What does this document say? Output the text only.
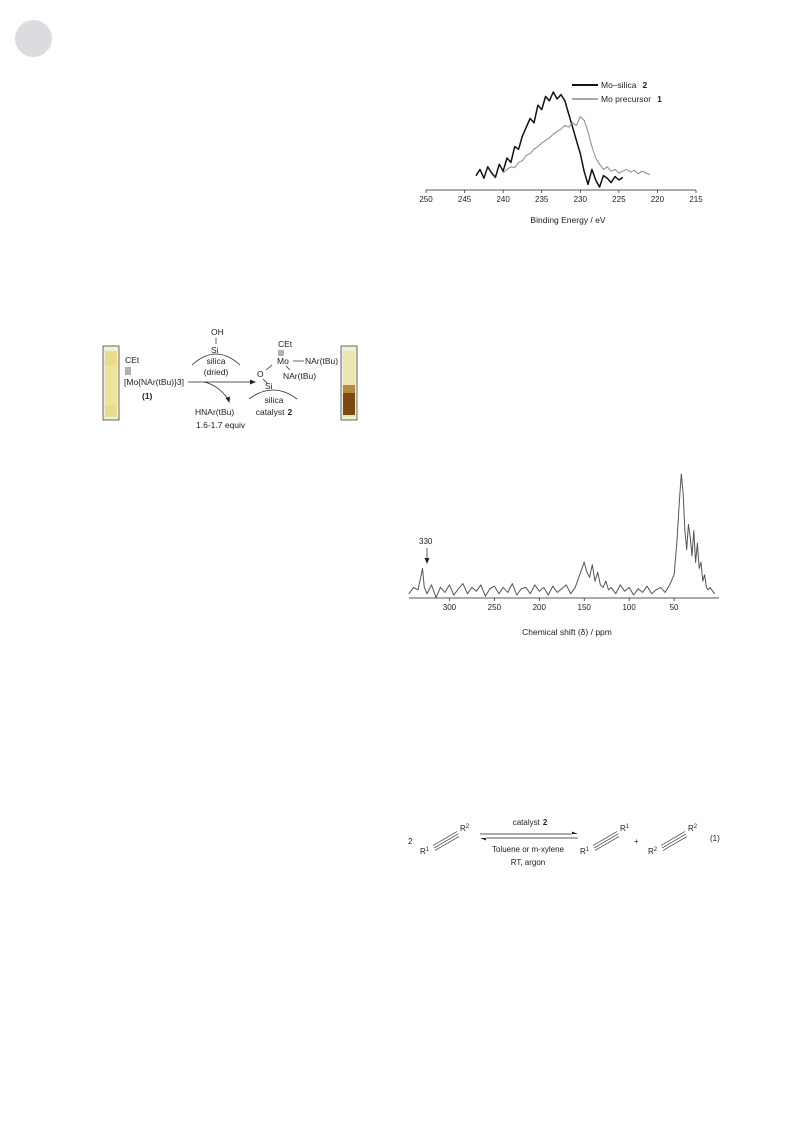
250	245	240	235	230	225	220	215
Binding Energy / eV
Mo–silica 2
Mo precursor 1
CEt
[Mo{NAr(tBu)}3]
(1)
OH
Si
silica
(dried)
HNAr(tBu)
1.6-1.7 equiv
CEt
Mo NAr(tBu)
NAr(tBu)
O
Si
silica
catalyst 2
300	250	200	150	100	50
Chemical shift (δ) / ppm
330
2
$R^1$
$R^2$	catalyst 2
Toluene or m-xylene
RT, argon
$R^1$
$R^1$
+
$R^2$
$R^2$
(1)
